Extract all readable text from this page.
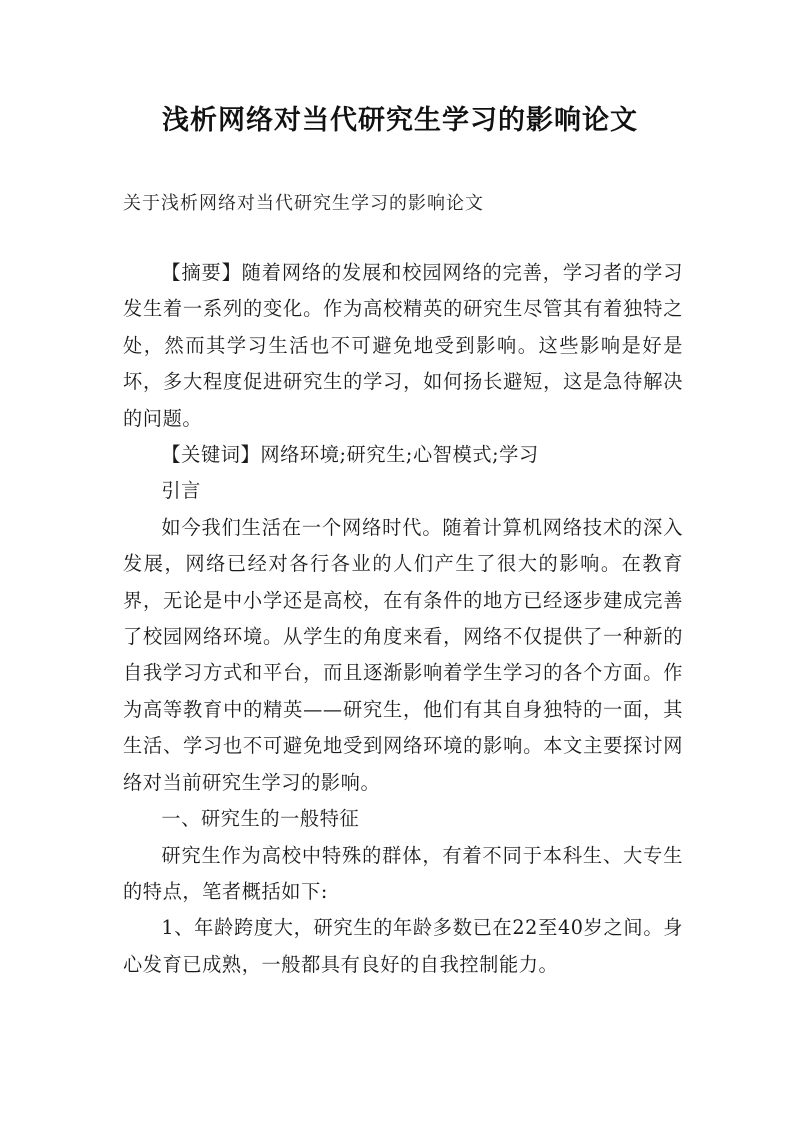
浅析网络对当代研究生学习的影响论文
关于浅析网络对当代研究生学习的影响论文

【摘要】随着网络的发展和校园网络的完善，学习者的学习发生着一系列的变化。作为高校精英的研究生尽管其有着独特之处，然而其学习生活也不可避免地受到影响。这些影响是好是坏，多大程度促进研究生的学习，如何扬长避短，这是急待解决的问题。

【关键词】网络环境;研究生;心智模式;学习

引言

如今我们生活在一个网络时代。随着计算机网络技术的深入发展，网络已经对各行各业的人们产生了很大的影响。在教育界，无论是中小学还是高校，在有条件的地方已经逐步建成完善了校园网络环境。从学生的角度来看，网络不仅提供了一种新的自我学习方式和平台，而且逐渐影响着学生学习的各个方面。作为高等教育中的精英——研究生，他们有其自身独特的一面，其生活、学习也不可避免地受到网络环境的影响。本文主要探讨网络对当前研究生学习的影响。

一、研究生的一般特征

研究生作为高校中特殊的群体，有着不同于本科生、大专生的特点，笔者概括如下:

1、年龄跨度大，研究生的年龄多数已在22至40岁之间。身心发育已成熟，一般都具有良好的自我控制能力。
